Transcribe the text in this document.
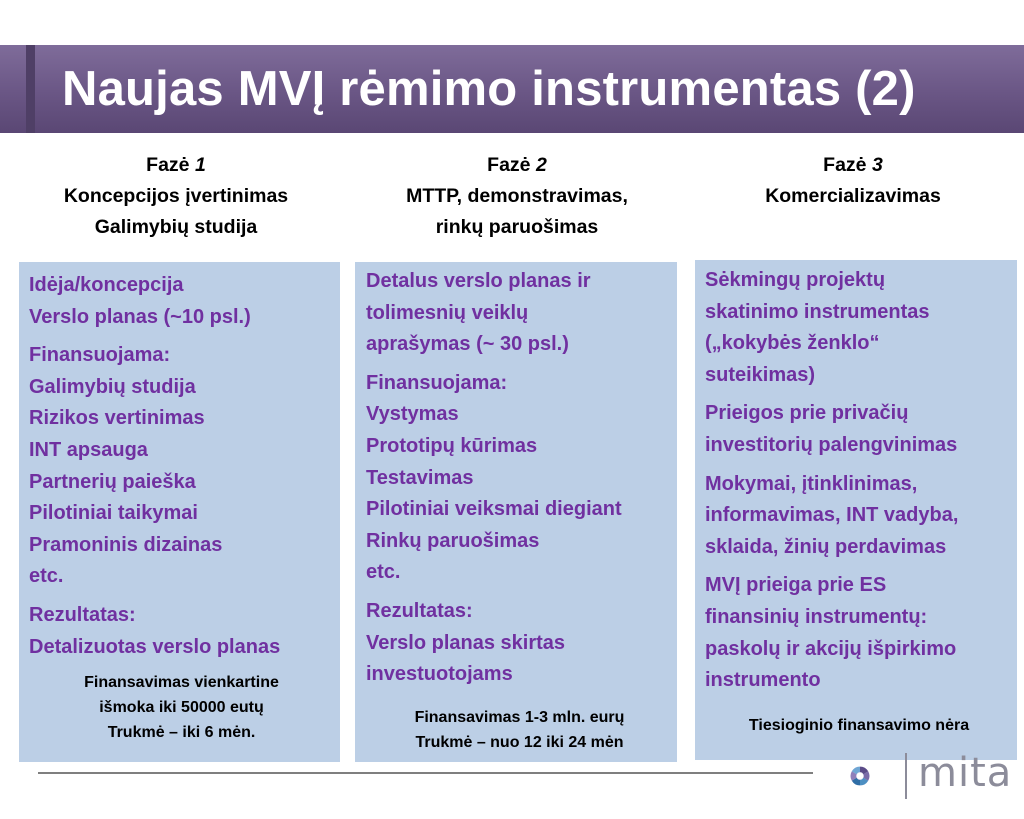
Naujas MVĮ rėmimo instrumentas (2)
Fazė 1
Koncepcijos įvertinimas
Galimybių studija
Fazė 2
MTTP, demonstravimas,
rinkų paruošimas
Fazė 3
Komercializavimas
Idėja/koncepcija
Verslo planas (~10 psl.)
Finansuojama:
Galimybių studija
Rizikos vertinimas
INT apsauga
Partnerių paieška
Pilotiniai taikymai
Pramoninis dizainas
etc.
Rezultatas:
Detalizuotas verslo planas
Finansavimas vienkartine
išmoka iki 50000 eutų
Trukmė – iki 6 mėn.
Detalus verslo planas ir
tolimesnių veiklų
aprašymas (~ 30 psl.)
Finansuojama:
Vystymas
Prototipų kūrimas
Testavimas
Pilotiniai veiksmai diegiant
Rinkų paruošimas
etc.
Rezultatas:
Verslo planas skirtas
investuotojams
Finansavimas 1-3 mln. eurų
Trukmė – nuo 12 iki 24 mėn
Sėkmingų projektų
skatinimo instrumentas
(„kokybės ženklo“
suteikimas)
Prieigos prie privačių
investitorių palengvinimas
Mokymai, įtinklinimas,
informavimas, INT vadyba,
sklaida, žinių perdavimas
MVĮ prieiga prie ES
finansinių instrumentų:
paskolų ir akcijų išpirkimo
instrumento
Tiesioginio finansavimo nėra
mita
